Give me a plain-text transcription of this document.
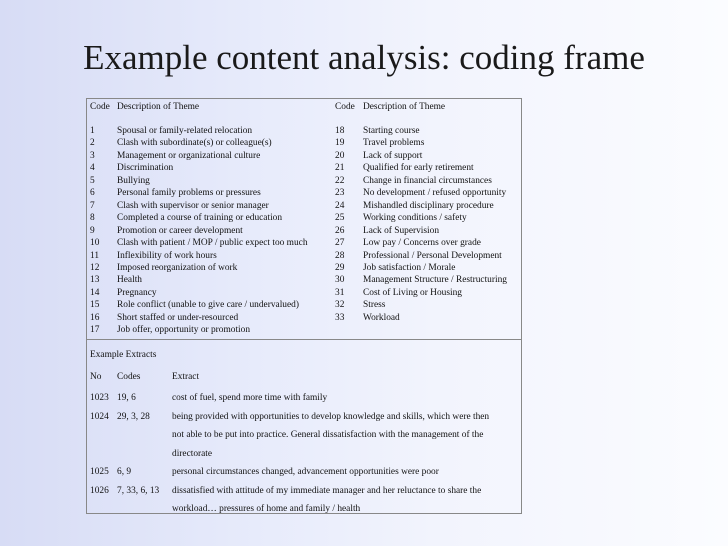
Example content analysis: coding frame
Code Description of Theme	Code Description of Theme
1 Spousal or family-related relocation	18 Starting course
2 Clash with subordinate(s) or colleague(s)	19 Travel problems
3 Management or organizational culture	20 Lack of support
4 Discrimination	21 Qualified for early retirement
5 Bullying	22 Change in financial circumstances
6 Personal family problems or pressures	23 No development / refused opportunity
7 Clash with supervisor or senior manager	24 Mishandled disciplinary procedure
8 Completed a course of training or education	25 Working conditions / safety
9 Promotion or career development	26 Lack of Supervision
10 Clash with patient / MOP / public expect too much	27 Low pay / Concerns over grade
11 Inflexibility of work hours	28 Professional / Personal Development
12 Imposed reorganization of work	29 Job satisfaction / Morale
13 Health	30 Management Structure / Restructuring
14 Pregnancy	31 Cost of Living or Housing
15 Role conflict (unable to give care / undervalued)	32 Stress
16 Short staffed or under-resourced	33 Workload
17 Job offer, opportunity or promotion
Example Extracts
No Codes	Extract
1023 19, 6	cost of fuel, spend more time with family
1024 29, 3, 28 being provided with opportunities to develop knowledge and skills, which were then
not able to be put into practice. General dissatisfaction with the management of the
directorate
1025 6, 9	personal circumstances changed, advancement opportunities were poor
1026 7, 33, 6, 13 dissatisfied with attitude of my immediate manager and her reluctance to share the
workload… pressures of home and family / health
